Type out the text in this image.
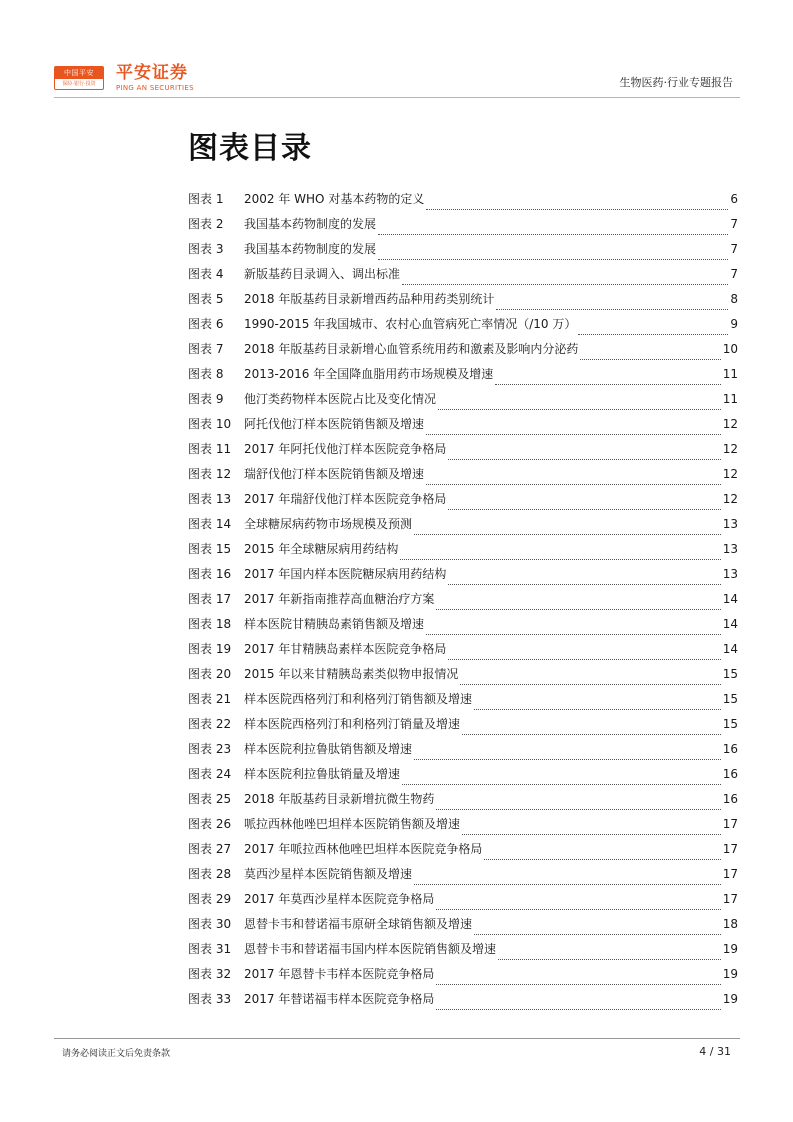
中国平安
保险·银行·投资
平安证券
PING AN SECURITIES	生物医药·行业专题报告
图表目录
图表 1	2002 年 WHO 对基本药物的定义	6
图表 2	我国基本药物制度的发展	7
图表 3	我国基本药物制度的发展	7
图表 4	新版基药目录调入、调出标准	7
图表 5	2018 年版基药目录新增西药品种用药类别统计	8
图表 6	1990-2015 年我国城市、农村心血管病死亡率情况（/10 万）	9
图表 7	2018 年版基药目录新增心血管系统用药和激素及影响内分泌药	10
图表 8	2013-2016 年全国降血脂用药市场规模及增速	11
图表 9	他汀类药物样本医院占比及变化情况	11
图表 10	阿托伐他汀样本医院销售额及增速	12
图表 11	2017 年阿托伐他汀样本医院竞争格局	12
图表 12	瑞舒伐他汀样本医院销售额及增速	12
图表 13	2017 年瑞舒伐他汀样本医院竞争格局	12
图表 14	全球糖尿病药物市场规模及预测	13
图表 15	2015 年全球糖尿病用药结构	13
图表 16	2017 年国内样本医院糖尿病用药结构	13
图表 17	2017 年新指南推荐高血糖治疗方案	14
图表 18	样本医院甘精胰岛素销售额及增速	14
图表 19	2017 年甘精胰岛素样本医院竞争格局	14
图表 20	2015 年以来甘精胰岛素类似物申报情况	15
图表 21	样本医院西格列汀和利格列汀销售额及增速	15
图表 22	样本医院西格列汀和利格列汀销量及增速	15
图表 23	样本医院利拉鲁肽销售额及增速	16
图表 24	样本医院利拉鲁肽销量及增速	16
图表 25	2018 年版基药目录新增抗微生物药	16
图表 26	哌拉西林他唑巴坦样本医院销售额及增速	17
图表 27	2017 年哌拉西林他唑巴坦样本医院竞争格局	17
图表 28	莫西沙星样本医院销售额及增速	17
图表 29	2017 年莫西沙星样本医院竞争格局	17
图表 30	恩替卡韦和替诺福韦原研全球销售额及增速	18
图表 31	恩替卡韦和替诺福韦国内样本医院销售额及增速	19
图表 32	2017 年恩替卡韦样本医院竞争格局	19
图表 33	2017 年替诺福韦样本医院竞争格局	19
请务必阅读正文后免责条款	4 / 31
